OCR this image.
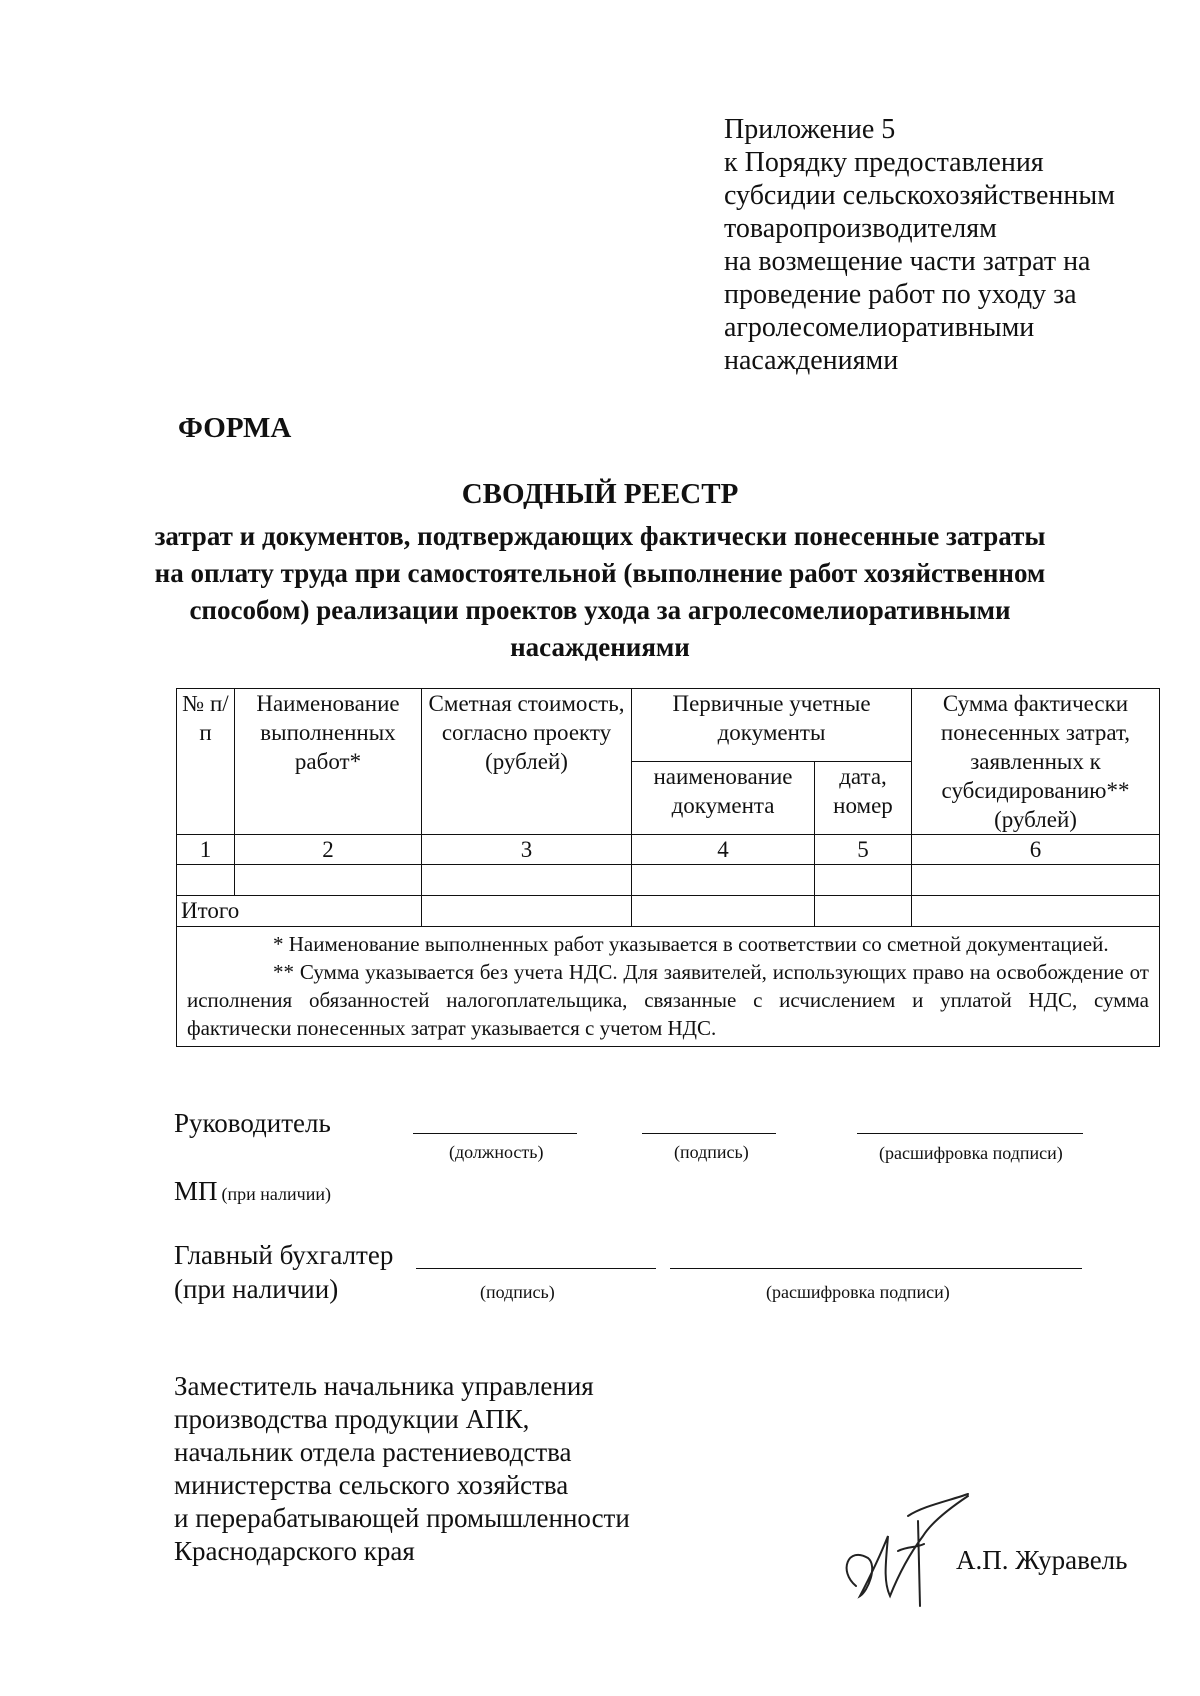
Приложение 5
к Порядку предоставления
субсидии сельскохозяйственным
товаропроизводителям
на возмещение части затрат на
проведение работ по уходу за
агролесомелиоративными
насаждениями
ФОРМА
СВОДНЫЙ РЕЕСТР
затрат и документов, подтверждающих фактически понесенные затраты
на оплату труда при самостоятельной (выполнение работ хозяйственном
способом) реализации проектов ухода за агролесомелиоративными
насаждениями
№ п/п	Наименование выполненных работ*	Сметная стоимость, согласно проекту (рублей)	Первичные учетные документы		Сумма фактически понесенных затрат, заявленных к субсидированию** (рублей)
			наименование документа	дата, номер	
1	2	3	4	5	6

Итого					

* Наименование выполненных работ указывается в соответствии со сметной документацией.
** Сумма указывается без учета НДС. Для заявителей, использующих право на освобождение от исполнения обязанностей налогоплательщика, связанные с исчислением и уплатой НДС, сумма фактически понесенных затрат указывается с учетом НДС.					
Руководитель
(должность)	(подпись)	(расшифровка подписи)
МП (при наличии)
Главный бухгалтер
(при наличии)	(подпись)	(расшифровка подписи)
Заместитель начальника управления
производства продукции АПК,
начальник отдела растениеводства
министерства сельского хозяйства
и перерабатывающей промышленности
Краснодарского края	А.П. Журавель
